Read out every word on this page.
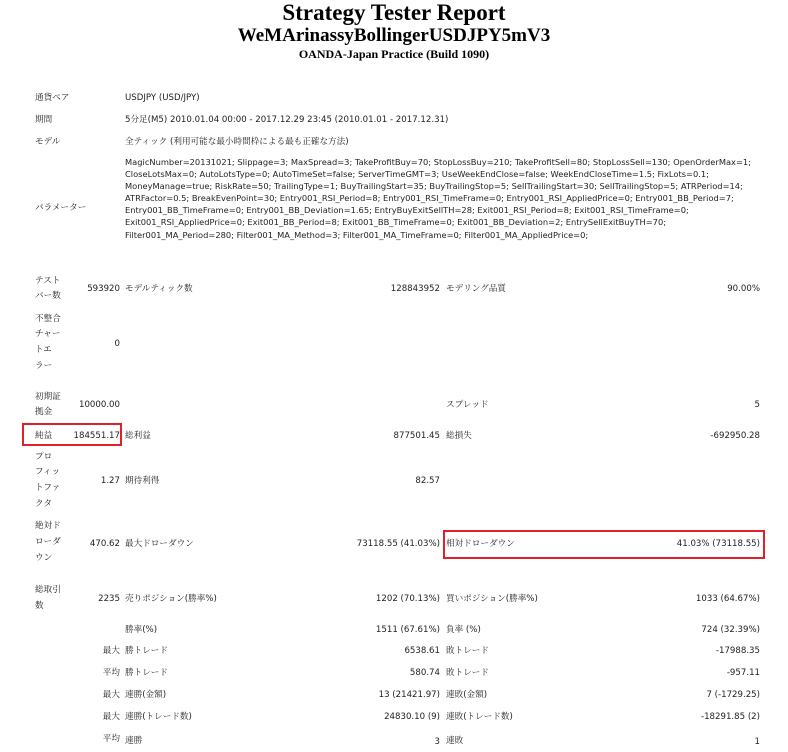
Strategy Tester Report
WeMArinassyBollingerUSDJPY5mV3
OANDA-Japan Practice (Build 1090)
通貨ペア	USDJPY (USD/JPY)
期間	5分足(M5) 2010.01.04 00:00 - 2017.12.29 23:45 (2010.01.01 - 2017.12.31)
モデル	全ティック (利用可能な最小時間枠による最も正確な方法)
パラメーター
MagicNumber=20131021; Slippage=3; MaxSpread=3; TakeProfitBuy=70; StopLossBuy=210; TakeProfitSell=80; StopLossSell=130; OpenOrderMax=1; CloseLotsMax=0; AutoLotsType=0; AutoTimeSet=false; ServerTimeGMT=3; UseWeekEndClose=false; WeekEndCloseTime=1.5; FixLots=0.1; MoneyManage=true; RiskRate=50; TrailingType=1; BuyTrailingStart=35; BuyTrailingStop=5; SellTrailingStart=30; SellTrailingStop=5; ATRPeriod=14; ATRFactor=0.5; BreakEvenPoint=30; Entry001_RSI_Period=8; Entry001_RSI_TimeFrame=0; Entry001_RSI_AppliedPrice=0; Entry001_BB_Period=7; Entry001_BB_TimeFrame=0; Entry001_BB_Deviation=1.65; EntryBuyExitSellTH=28; Exit001_RSI_Period=8; Exit001_RSI_TimeFrame=0; Exit001_RSI_AppliedPrice=0; Exit001_BB_Period=8; Exit001_BB_TimeFrame=0; Exit001_BB_Deviation=2; EntrySellExitBuyTH=70; Filter001_MA_Period=280; Filter001_MA_Method=3; Filter001_MA_TimeFrame=0; Filter001_MA_AppliedPrice=0;
テスト
バー数
593920 モデルティック数	128843952 モデリング品質	90.00%
不整合
チャー
トエ
ラー
0
初期証
拠金
10000.00	スプレッド	5
純益	184551.17 総利益	877501.45 総損失	-692950.28
プロ
フィッ
トファ
クタ
1.27 期待利得	82.57
絶対ド
ローダ
ウン
470.62 最大ドローダウン	73118.55 (41.03%) 相対ドローダウン	41.03% (73118.55)
総取引
数
2235 売りポジション(勝率%)	1202 (70.13%) 買いポジション(勝率%)	1033 (64.67%)
勝率(%)	1511 (67.61%) 負率 (%)	724 (32.39%)
最大 勝トレード	6538.61 敗トレード	-17988.35
平均 勝トレード	580.74 敗トレード	-957.11
最大 連勝(金額)	13 (21421.97) 連敗(金額)	7 (-1729.25)
最大 連勝(トレード数)	24830.10 (9) 連敗(トレード数)	-18291.85 (2)
平均 連勝	3 連敗	1
